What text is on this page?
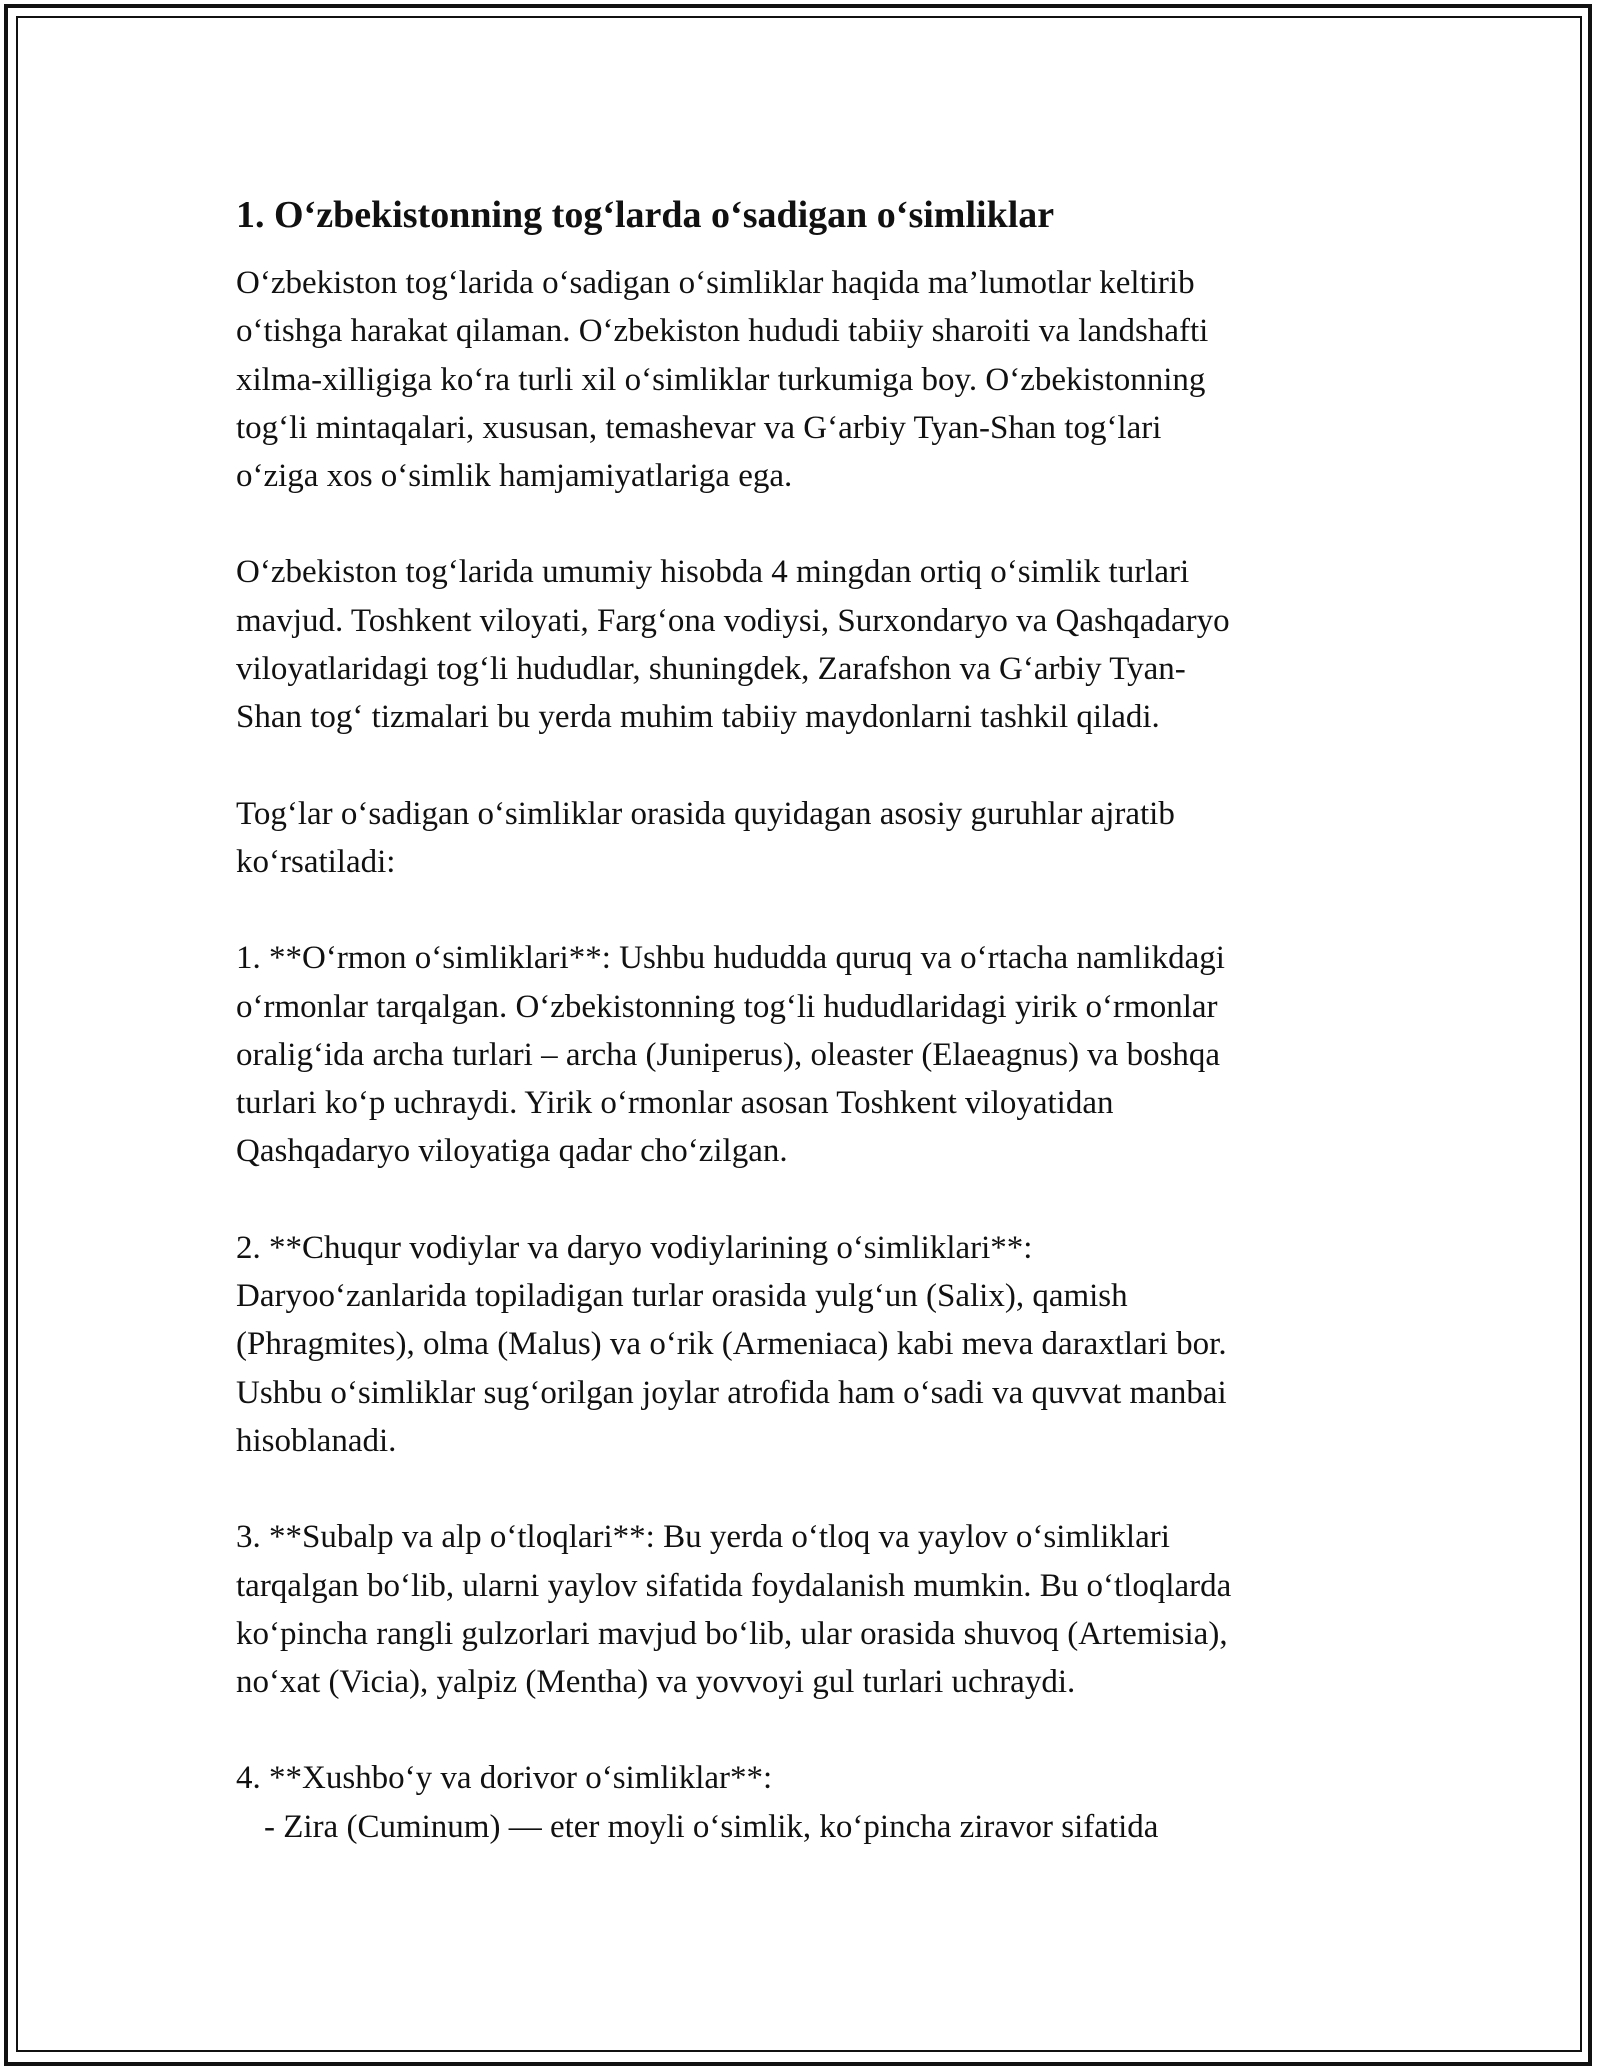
1. O‘zbekistonning tog‘larda o‘sadigan o‘simliklar

O‘zbekiston tog‘larida o‘sadigan o‘simliklar haqida ma’lumotlar keltirib
o‘tishga harakat qilaman. O‘zbekiston hududi tabiiy sharoiti va landshafti
xilma-xilligiga ko‘ra turli xil o‘simliklar turkumiga boy. O‘zbekistonning
tog‘li mintaqalari, xususan, temashevar va G‘arbiy Tyan-Shan tog‘lari
o‘ziga xos o‘simlik hamjamiyatlariga ega.

O‘zbekiston tog‘larida umumiy hisobda 4 mingdan ortiq o‘simlik turlari
mavjud. Toshkent viloyati, Farg‘ona vodiysi, Surxondaryo va Qashqadaryo
viloyatlaridagi tog‘li hududlar, shuningdek, Zarafshon va G‘arbiy Tyan-
Shan tog‘ tizmalari bu yerda muhim tabiiy maydonlarni tashkil qiladi.

Tog‘lar o‘sadigan o‘simliklar orasida quyidagan asosiy guruhlar ajratib
ko‘rsatiladi:

1. **O‘rmon o‘simliklari**: Ushbu hududda quruq va o‘rtacha namlikdagi
o‘rmonlar tarqalgan. O‘zbekistonning tog‘li hududlaridagi yirik o‘rmonlar
oralig‘ida archa turlari – archa (Juniperus), oleaster (Elaeagnus) va boshqa
turlari ko‘p uchraydi. Yirik o‘rmonlar asosan Toshkent viloyatidan
Qashqadaryo viloyatiga qadar cho‘zilgan.

2. **Chuqur vodiylar va daryo vodiylarining o‘simliklari**:
Daryoo‘zanlarida topiladigan turlar orasida yulg‘un (Salix), qamish
(Phragmites), olma (Malus) va o‘rik (Armeniaca) kabi meva daraxtlari bor.
Ushbu o‘simliklar sug‘orilgan joylar atrofida ham o‘sadi va quvvat manbai
hisoblanadi.

3. **Subalp va alp o‘tloqlari**: Bu yerda o‘tloq va yaylov o‘simliklari
tarqalgan bo‘lib, ularni yaylov sifatida foydalanish mumkin. Bu o‘tloqlarda
ko‘pincha rangli gulzorlari mavjud bo‘lib, ular orasida shuvoq (Artemisia),
no‘xat (Vicia), yalpiz (Mentha) va yovvoyi gul turlari uchraydi.

4. **Xushbo‘y va dorivor o‘simliklar**:
- Zira (Cuminum) — eter moyli o‘simlik, ko‘pincha ziravor sifatida
